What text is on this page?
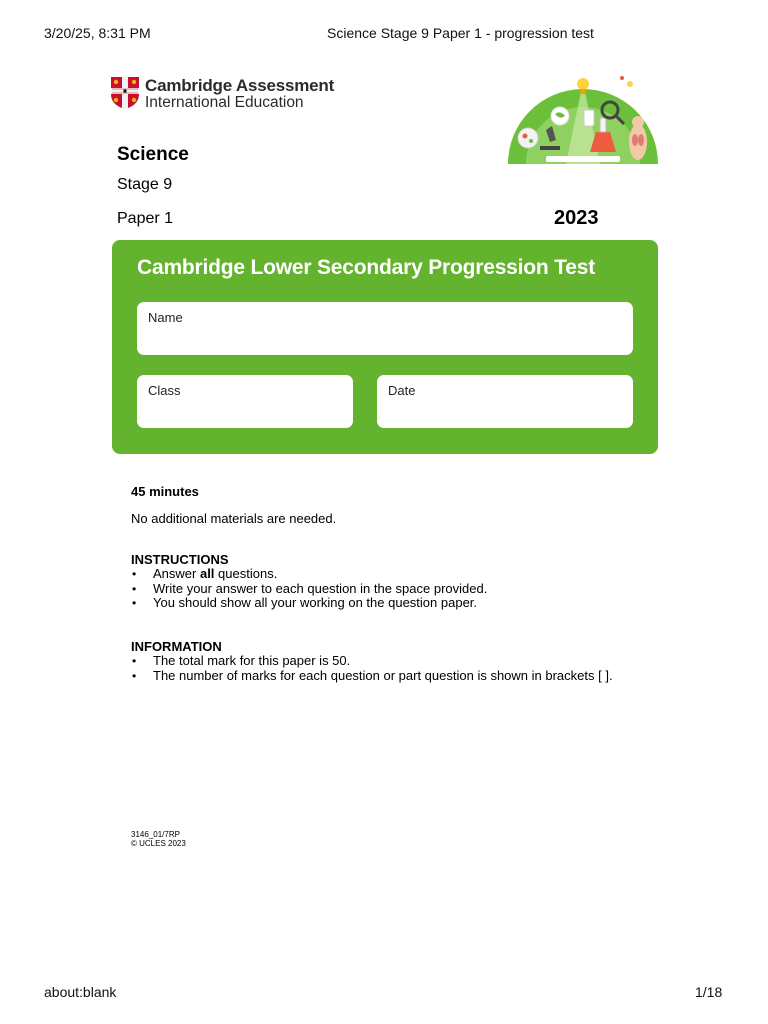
3/20/25, 8:31 PM	Science Stage 9 Paper 1 - progression test
Cambridge Assessment
International Education
Science
Stage 9
Paper 1	2023
Cambridge Lower Secondary Progression Test
Name
Class	Date
45 minutes
No additional materials are needed.
INSTRUCTIONS
• Answer all questions.
• Write your answer to each question in the space provided.
• You should show all your working on the question paper.
INFORMATION
• The total mark for this paper is 50.
• The number of marks for each question or part question is shown in brackets [ ].
3146_01/7RP
© UCLES 2023
about:blank	1/18
